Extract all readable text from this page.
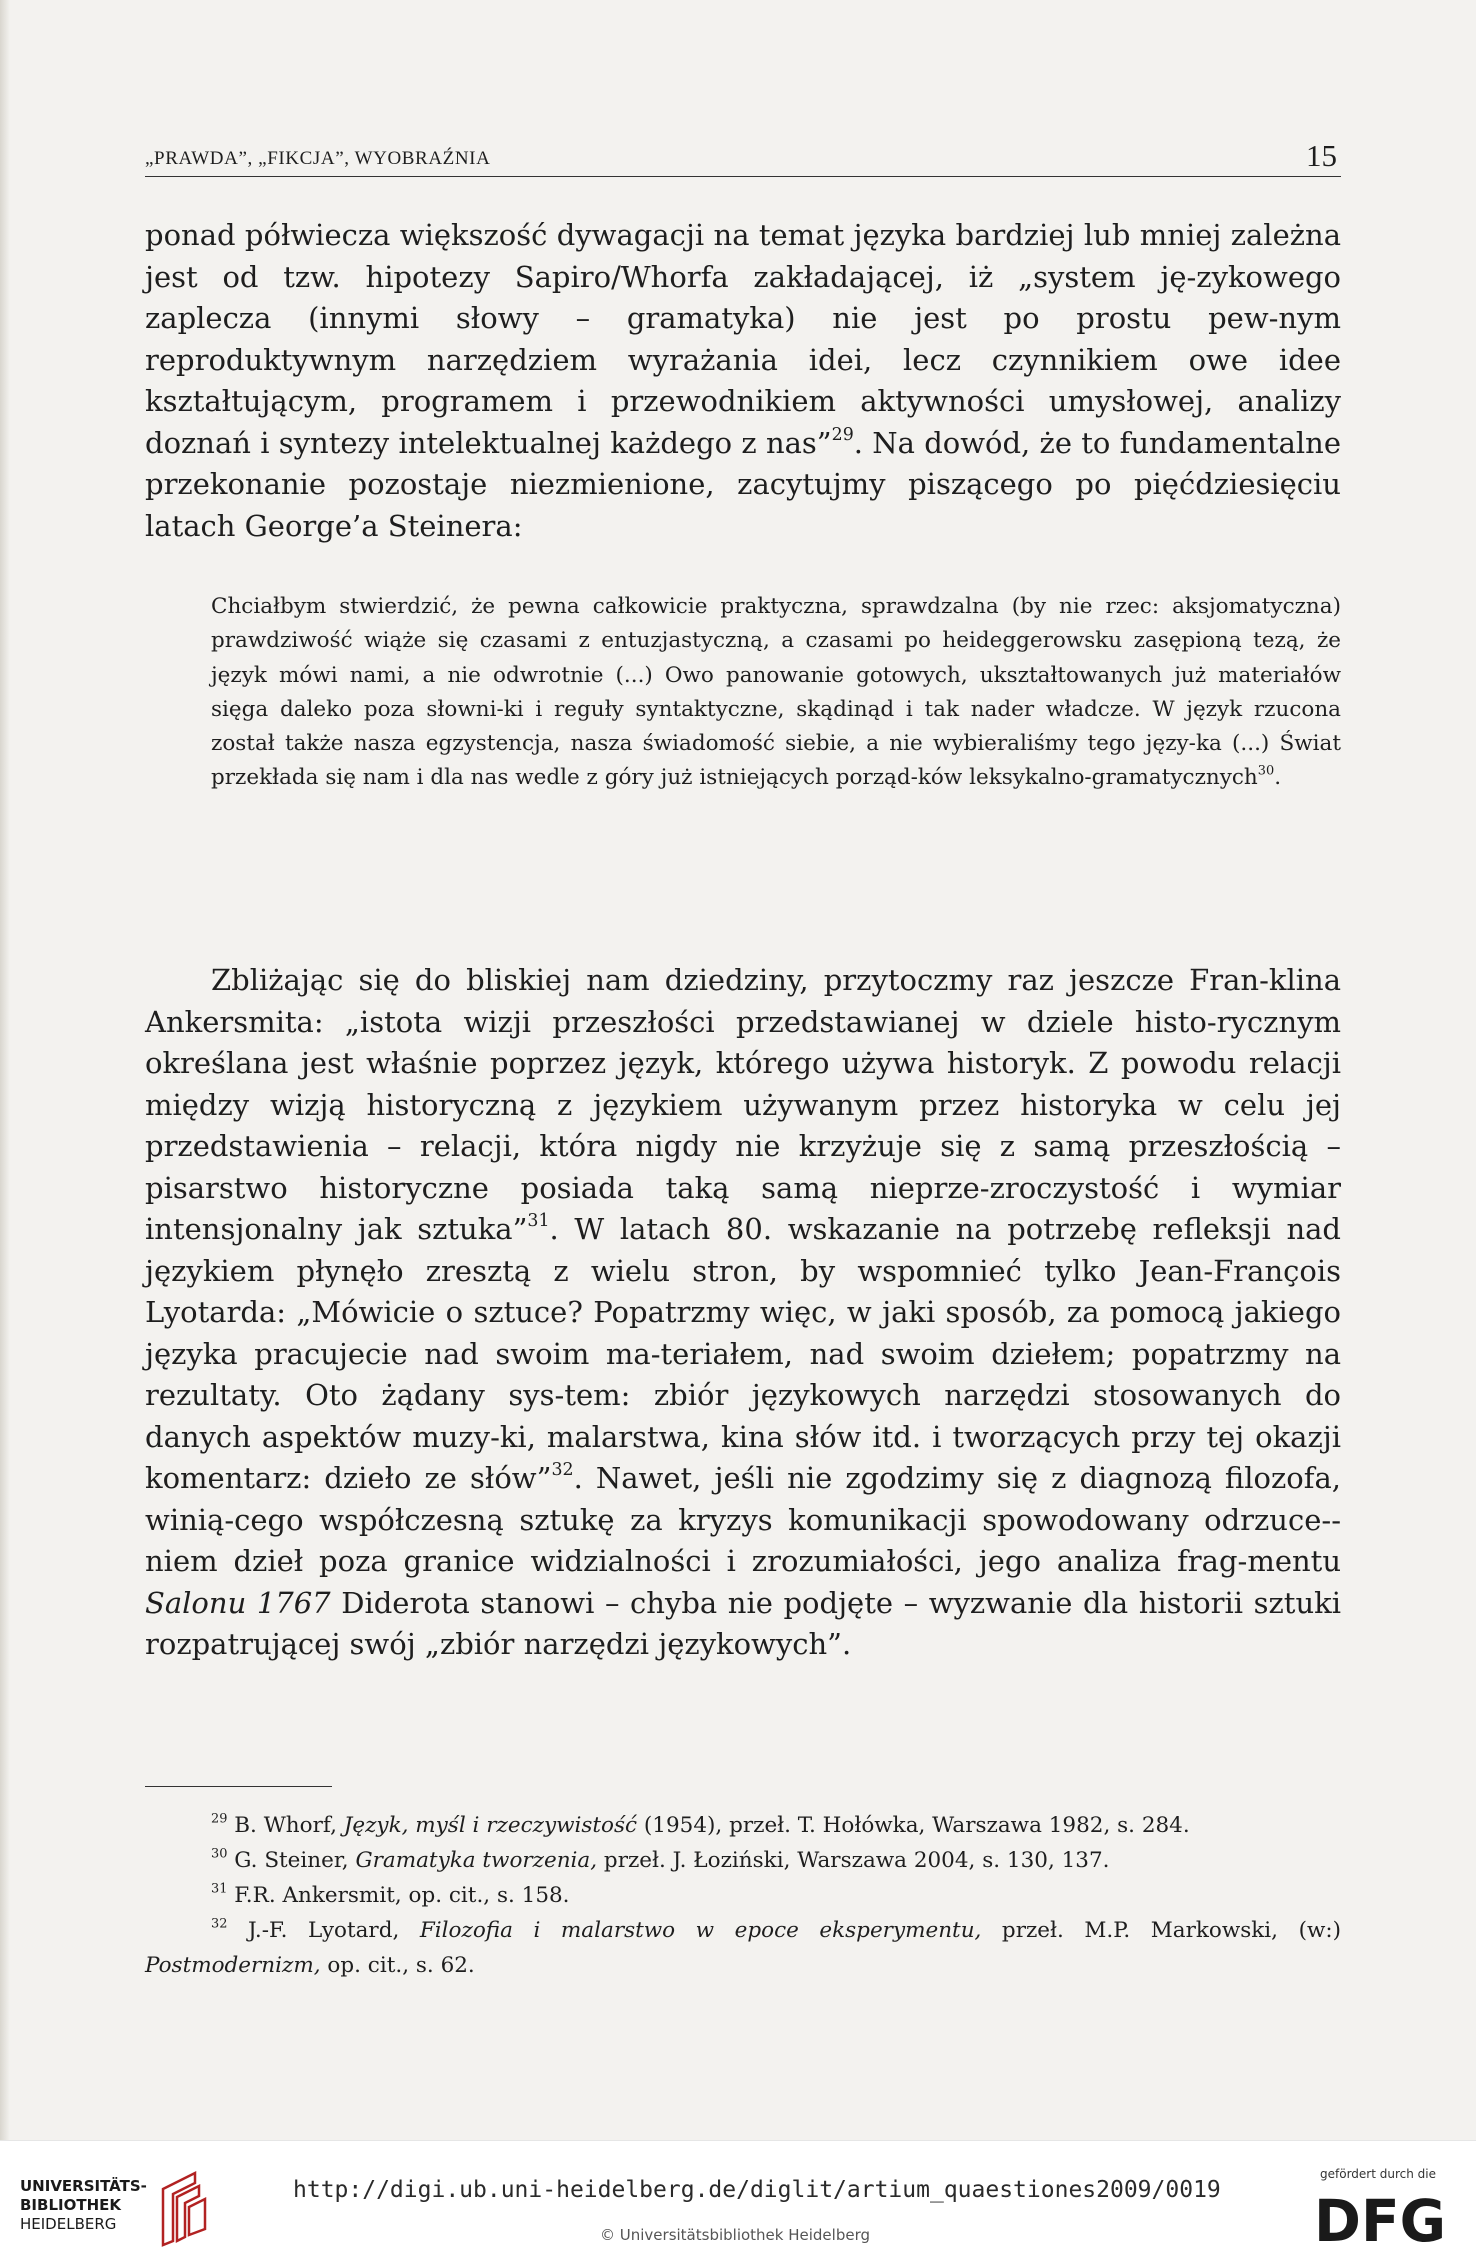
„PRAWDA”, „FIKCJA”, WYOBRAŹNIA	15

ponad półwiecza większość dywagacji na temat języka bardziej lub mniej zależna jest od tzw. hipotezy Sapiro/Whorfa zakładającej, iż „system ję-zykowego zaplecza (innymi słowy – gramatyka) nie jest po prostu pew-nym reproduktywnym narzędziem wyrażania idei, lecz czynnikiem owe idee kształtującym, programem i przewodnikiem aktywności umysłowej, analizy doznań i syntezy intelektualnej każdego z nas”$^{29}$. Na dowód, że to fundamentalne przekonanie pozostaje niezmienione, zacytujmy piszącego po pięćdziesięciu latach George’a Steinera:

Chciałbym stwierdzić, że pewna całkowicie praktyczna, sprawdzalna (by nie rzec: aksjomatyczna) prawdziwość wiąże się czasami z entuzjastyczną, a czasami po heideggerowsku zasępioną tezą, że język mówi nami, a nie odwrotnie (...) Owo panowanie gotowych, ukształtowanych już materiałów sięga daleko poza słowni-ki i reguły syntaktyczne, skądinąd i tak nader władcze. W język rzucona został także nasza egzystencja, nasza świadomość siebie, a nie wybieraliśmy tego języ-ka (...) Świat przekłada się nam i dla nas wedle z góry już istniejących porząd-ków leksykalno-gramatycznych$^{30}$.

Zbliżając się do bliskiej nam dziedziny, przytoczmy raz jeszcze Fran-klina Ankersmita: „istota wizji przeszłości przedstawianej w dziele histo-rycznym określana jest właśnie poprzez język, którego używa historyk. Z powodu relacji między wizją historyczną z językiem używanym przez historyka w celu jej przedstawienia – relacji, która nigdy nie krzyżuje się z samą przeszłością – pisarstwo historyczne posiada taką samą nieprze-zroczystość i wymiar intensjonalny jak sztuka”$^{31}$. W latach 80. wskazanie na potrzebę refleksji nad językiem płynęło zresztą z wielu stron, by wspomnieć tylko Jean-François Lyotarda: „Mówicie o sztuce? Popatrzmy więc, w jaki sposób, za pomocą jakiego języka pracujecie nad swoim ma-teriałem, nad swoim dziełem; popatrzmy na rezultaty. Oto żądany sys-tem: zbiór językowych narzędzi stosowanych do danych aspektów muzy-ki, malarstwa, kina słów itd. i tworzących przy tej okazji komentarz: dzieło ze słów”$^{32}$. Nawet, jeśli nie zgodzimy się z diagnozą filozofa, winią-cego współczesną sztukę za kryzys komunikacji spowodowany odrzuce-niem dzieł poza granice widzialności i zrozumiałości, jego analiza frag-mentu Salonu 1767 Diderota stanowi – chyba nie podjęte – wyzwanie dla historii sztuki rozpatrującej swój „zbiór narzędzi językowych”.

$^{29}$ B. Whorf, Język, myśl i rzeczywistość (1954), przeł. T. Hołówka, Warszawa 1982, s. 284.

$^{30}$ G. Steiner, Gramatyka tworzenia, przeł. J. Łoziński, Warszawa 2004, s. 130, 137.

$^{31}$ F.R. Ankersmit, op. cit., s. 158.

$^{32}$ J.-F. Lyotard, Filozofia i malarstwo w epoce eksperymentu, przeł. M.P. Markowski, (w:) Postmodernizm, op. cit., s. 62.

UNIVERSITÄTS-
BIBLIOTHEK
HEIDELBERG
http://digi.ub.uni-heidelberg.de/diglit/artium_quaestiones2009/0019
© Universitätsbibliothek Heidelberg
gefördert durch die
DFG
